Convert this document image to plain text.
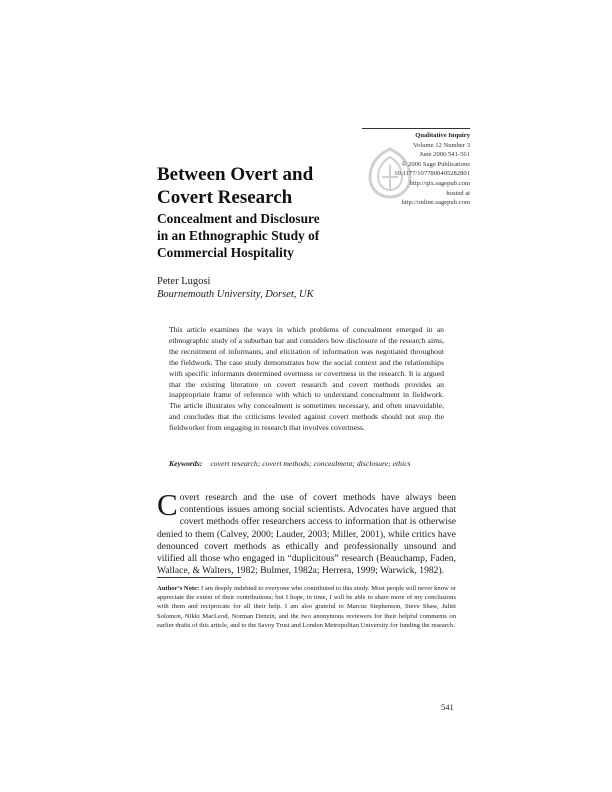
Qualitative Inquiry
Volume 12 Number 3
June 2006 541-561
© 2006 Sage Publications
10.1177/1077800405282801
http://qix.sagepub.com
hosted at
http://online.sagepub.com
Between Overt and
Covert Research
Concealment and Disclosure
in an Ethnographic Study of
Commercial Hospitality
Peter Lugosi
Bournemouth University, Dorset, UK

This article examines the ways in which problems of concealment emerged in an ethnographic study of a suburban bar and considers how disclosure of the research aims, the recruitment of informants, and elicitation of information was negotiated throughout the fieldwork. The case study demonstrates how the social context and the relationships with specific informants determined overtness or covertness in the research. It is argued that the existing literature on covert research and covert methods provides an inappropriate frame of reference with which to understand concealment in fieldwork. The article illustrates why concealment is sometimes necessary, and often unavoidable, and concludes that the criticisms leveled against covert methods should not stop the fieldworker from engaging in research that involves covertness.

Keywords: covert research; covert methods; concealment; disclosure; ethics

Covert research and the use of covert methods have always been contentious issues among social scientists. Advocates have argued that covert methods offer researchers access to information that is otherwise denied to them (Calvey, 2000; Lauder, 2003; Miller, 2001), while critics have denounced covert methods as ethically and professionally unsound and vilified all those who engaged in “duplicitous” research (Beauchamp, Faden, Wallace, & Walters, 1982; Bulmer, 1982a; Herrera, 1999; Warwick, 1982).

Author’s Note: I am deeply indebted to everyone who contributed to this study. Most people will never know or appreciate the extent of their contributions; but I hope, in time, I will be able to share more of my conclusions with them and reciprocate for all their help. I am also grateful to Marcus Stephenson, Steve Shaw, Juliet Solomon, Nikki MacLeod, Norman Denzin, and the two anonymous reviewers for their helpful comments on earlier drafts of this article, and to the Savoy Trust and London Metropolitan University for funding the research.

541
